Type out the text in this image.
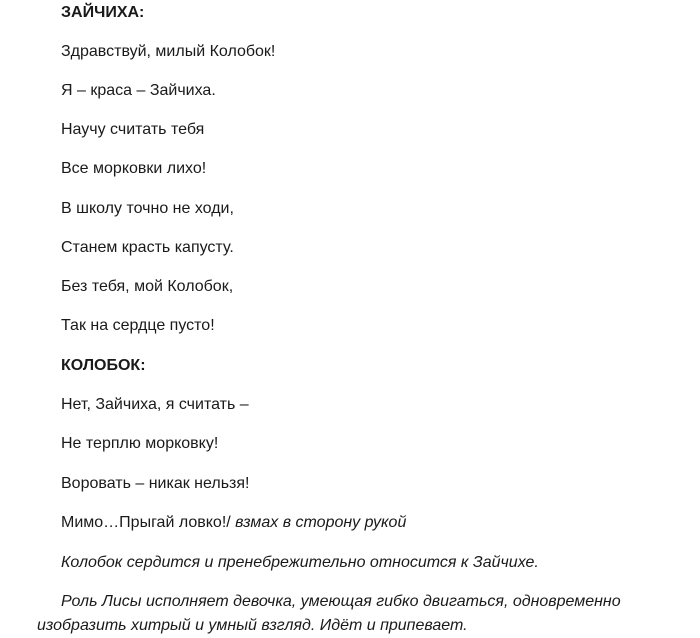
ЗАЙЧИХА:
Здравствуй, милый Колобок!
Я – краса – Зайчиха.
Научу считать тебя
Все морковки лихо!
В школу точно не ходи,
Станем красть капусту.
Без тебя, мой Колобок,
Так на сердце пусто!
КОЛОБОК:
Нет, Зайчиха, я считать –
Не терплю морковку!
Воровать – никак нельзя!
Мимо…Прыгай ловко!/ взмах в сторону рукой
Колобок сердится и пренебрежительно относится к Зайчихе.
Роль Лисы исполняет девочка, умеющая гибко двигаться, одновременно изобразить хитрый и умный взгляд. Идёт и припевает.
